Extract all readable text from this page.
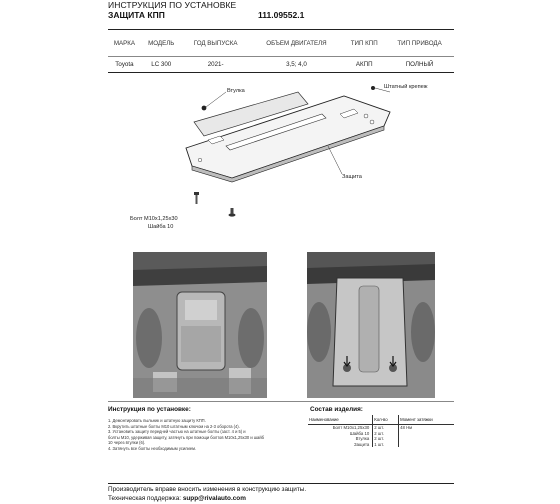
ИНСТРУКЦИЯ ПО УСТАНОВКЕ
ЗАЩИТА КПП	111.09552.1
МАРКА	МОДЕЛЬ	ГОД ВЫПУСКА	ОБЪЕМ ДВИГАТЕЛЯ	ТИП КПП	ТИП ПРИВОДА
Toyota	LC 300	2021-	3,5; 4,0	АКПП	ПОЛНЫЙ
Втулка
Штатный крепеж
Защита
Болт М10х1,25х30
Шайба 10
Инструкция по установке:
1. Демонтировать пыльник и штатную защиту КПП.
2. Вкрутить штатные болты М10 штатным ключом на 2-3 оборота (4).
3. Установить защиту передней частью на штатные болты (заст. 4 и 5) и
болты М10, удерживая защиту, затянуть при помощи болтов М10х1,25х30 и шайб
10 через втулки (6).
4. Затянуть все болты необходимым усилием.
Состав изделия:
Наименование	Кол-во	Момент затяжки
Болт М10х1,25х30	2 шт.	48 Нм
Шайба 10	2 шт.	
Втулка	2 шт.	
Защита	1 шт.	
Производитель вправе вносить изменения в конструкцию защиты.
Техническая поддержка: supp@rivalauto.com
